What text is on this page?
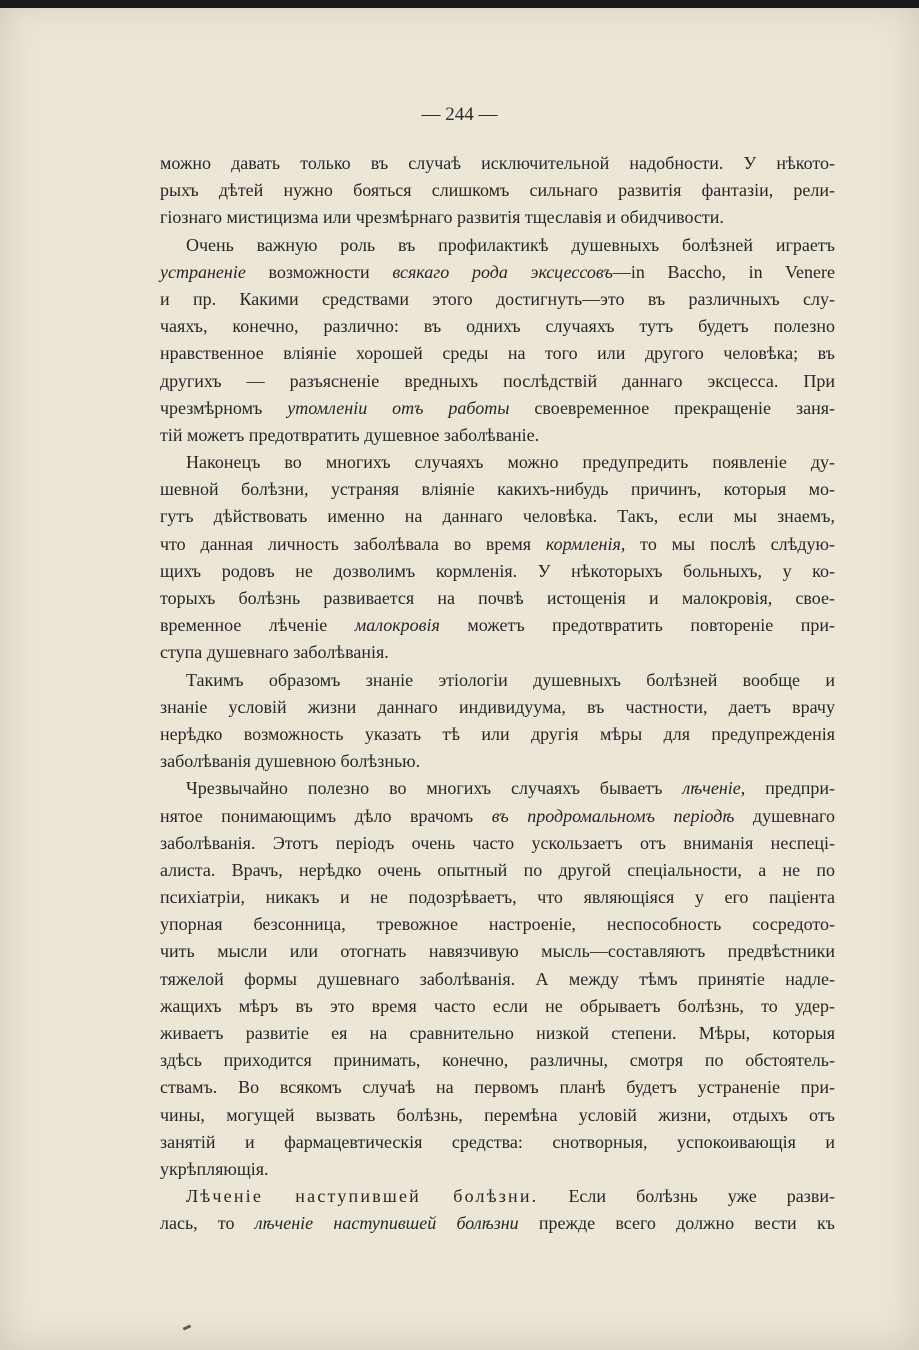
— 244 —
можно давать только въ случаѣ исключительной надобности. У нѣкото-
рыхъ дѣтей нужно бояться слишкомъ сильнаго развитія фантазіи, рели-
гіознаго мистицизма или чрезмѣрнаго развитія тщеславія и обидчивости.
Очень важную роль въ профилактикѣ душевныхъ болѣзней играетъ
устраненіе возможности всякаго рода эксцессовъ—in Baccho, in Venere
и пр. Какими средствами этого достигнуть—это въ различныхъ слу-
чаяхъ, конечно, различно: въ однихъ случаяхъ тутъ будетъ полезно
нравственное вліяніе хорошей среды на того или другого человѣка; въ
другихъ — разъясненіе вредныхъ послѣдствій даннаго эксцесса. При
чрезмѣрномъ утомленіи отъ работы своевременное прекращеніе заня-
тій можетъ предотвратить душевное заболѣваніе.
Наконецъ во многихъ случаяхъ можно предупредить появленіе ду-
шевной болѣзни, устраняя вліяніе какихъ-нибудь причинъ, которыя мо-
гутъ дѣйствовать именно на даннаго человѣка. Такъ, если мы знаемъ,
что данная личность заболѣвала во время кормленія, то мы послѣ слѣдую-
щихъ родовъ не дозволимъ кормленія. У нѣкоторыхъ больныхъ, у ко-
торыхъ болѣзнь развивается на почвѣ истощенія и малокровія, свое-
временное лѣченіе малокровія можетъ предотвратить повтореніе при-
ступа душевнаго заболѣванія.
Такимъ образомъ знаніе этіологіи душевныхъ болѣзней вообще и
знаніе условій жизни даннаго индивидуума, въ частности, даетъ врачу
нерѣдко возможность указать тѣ или другія мѣры для предупрежденія
заболѣванія душевною болѣзнью.
Чрезвычайно полезно во многихъ случаяхъ бываетъ лѣченіе, предпри-
нятое понимающимъ дѣло врачомъ въ продромальномъ періодѣ душевнаго
заболѣванія. Этотъ періодъ очень часто ускользаетъ отъ вниманія неспеці-
алиста. Врачъ, нерѣдко очень опытный по другой спеціальности, а не по
психіатріи, никакъ и не подозрѣваетъ, что являющіяся у его паціента
упорная безсонница, тревожное настроеніе, неспособность сосредото-
чить мысли или отогнать навязчивую мысль—составляютъ предвѣстники
тяжелой формы душевнаго заболѣванія. А между тѣмъ принятіе надле-
жащихъ мѣръ въ это время часто если не обрываетъ болѣзнь, то удер-
живаетъ развитіе ея на сравнительно низкой степени. Мѣры, которыя
здѣсь приходится принимать, конечно, различны, смотря по обстоятель-
ствамъ. Во всякомъ случаѣ на первомъ планѣ будетъ устраненіе при-
чины, могущей вызвать болѣзнь, перемѣна условій жизни, отдыхъ отъ
занятій и фармацевтическія средства: снотворныя, успокоивающія и
укрѣпляющія.
Лѣченіе наступившей болѣзни. Если болѣзнь уже разви-
лась, то лѣченіе наступившей болѣзни прежде всего должно вести къ
